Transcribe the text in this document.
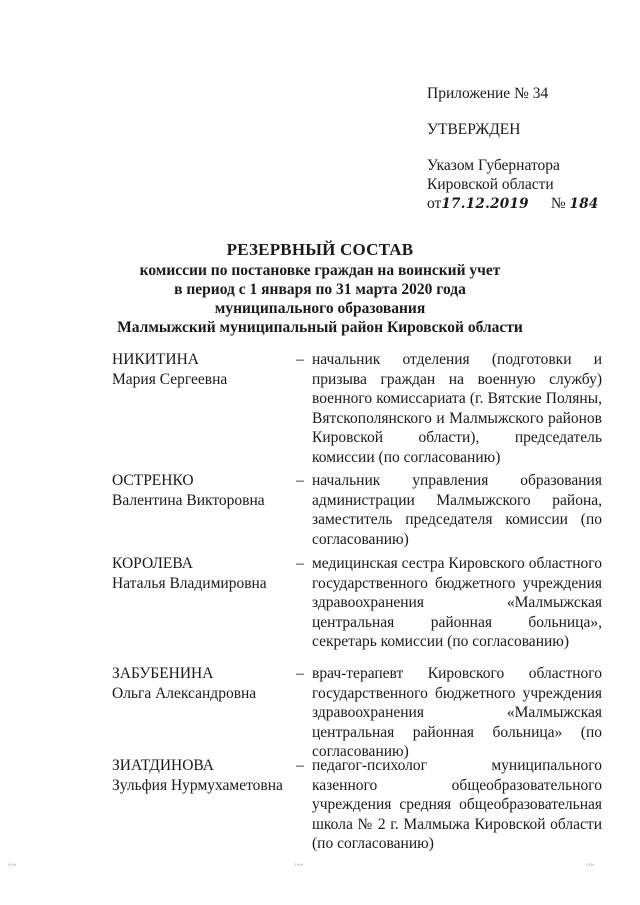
Приложение № 34
УТВЕРЖДЕН
Указом Губернатора
Кировской области
от 17.12.2019 №
184
РЕЗЕРВНЫЙ СОСТАВ
комиссии по постановке граждан на воинский учет
в период с 1 января по 31 марта 2020 года
муниципального образования
Малмыжский муниципальный район Кировской области
НИКИТИНА
Мария Сергеевна
– начальник отделения (подготовки и призыва граждан на военную службу) военного комиссариата (г. Вятские Поляны, Вятскополянского и Малмыжского районов Кировской области), председатель комиссии (по согласованию)
ОСТРЕНКО
Валентина Викторовна
– начальник управления образования администрации Малмыжского района, заместитель председателя комиссии (по согласованию)
КОРОЛЕВА
Наталья Владимировна
– медицинская сестра Кировского областного государственного бюджетного учреждения здравоохранения «Малмыжская центральная районная больница», секретарь комиссии (по согласованию)
ЗАБУБЕНИНА
Ольга Александровна
– врач-терапевт Кировского областного государственного бюджетного учреждения здравоохранения «Малмыжская центральная районная больница» (по согласованию)
ЗИАТДИНОВА
Зульфия Нурмухаметовна
– педагог-психолог муниципального казенного общеобразовательного учреждения средняя общеобразовательная школа № 2 г. Малмыжа Кировской области (по согласованию)
¹⁰²ⁿ	¹⁰²ⁿ	¹⁰²ⁿ
